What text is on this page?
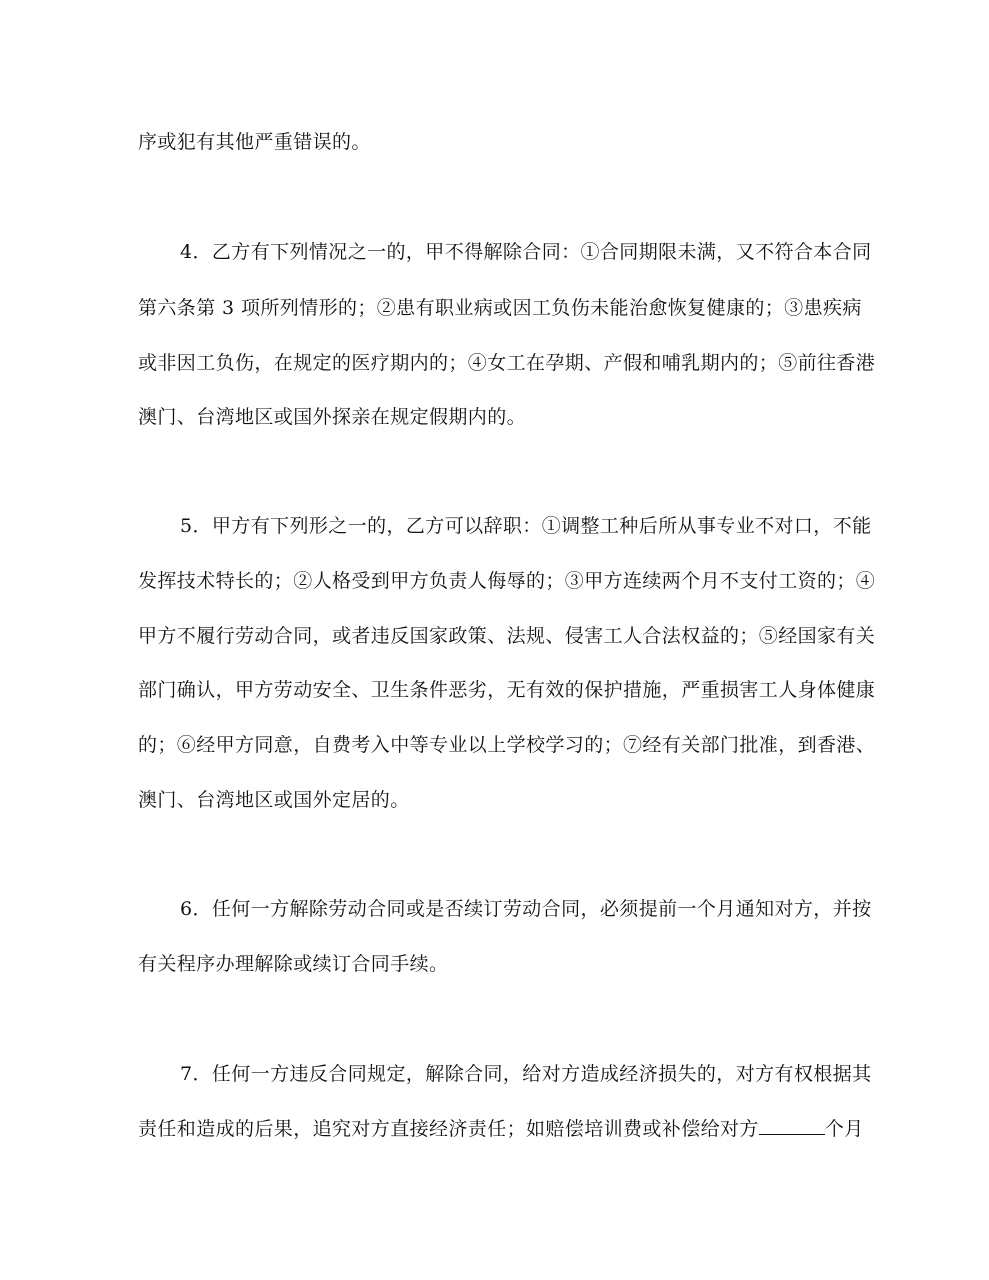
序或犯有其他严重错误的。
4．乙方有下列情况之一的，甲不得解除合同：①合同期限未满，又不符合本合同
第六条第 3 项所列情形的；②患有职业病或因工负伤未能治愈恢复健康的；③患疾病
或非因工负伤，在规定的医疗期内的；④女工在孕期、产假和哺乳期内的；⑤前往香港
澳门、台湾地区或国外探亲在规定假期内的。
5．甲方有下列形之一的，乙方可以辞职：①调整工种后所从事专业不对口，不能
发挥技术特长的；②人格受到甲方负责人侮辱的；③甲方连续两个月不支付工资的；④
甲方不履行劳动合同，或者违反国家政策、法规、侵害工人合法权益的；⑤经国家有关
部门确认，甲方劳动安全、卫生条件恶劣，无有效的保护措施，严重损害工人身体健康
的；⑥经甲方同意，自费考入中等专业以上学校学习的；⑦经有关部门批准，到香港、
澳门、台湾地区或国外定居的。
6．任何一方解除劳动合同或是否续订劳动合同，必须提前一个月通知对方，并按
有关程序办理解除或续订合同手续。
7．任何一方违反合同规定，解除合同，给对方造成经济损失的，对方有权根据其
责任和造成的后果，追究对方直接经济责任；如赔偿培训费或补偿给对方	个月
